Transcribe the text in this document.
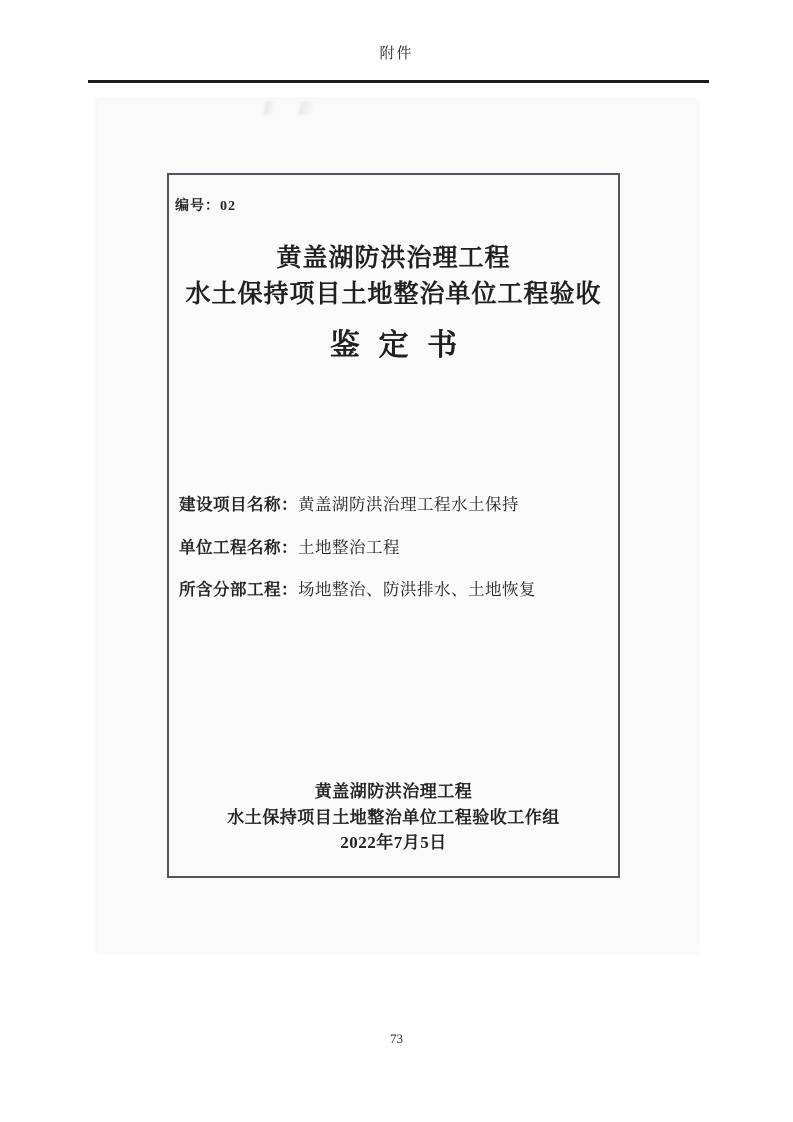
附件
编号：02
黄盖湖防洪治理工程
水土保持项目土地整治单位工程验收
鉴定书
建设项目名称：黄盖湖防洪治理工程水土保持
单位工程名称：土地整治工程
所含分部工程：场地整治、防洪排水、土地恢复
黄盖湖防洪治理工程
水土保持项目土地整治单位工程验收工作组
2022年7月5日
73
